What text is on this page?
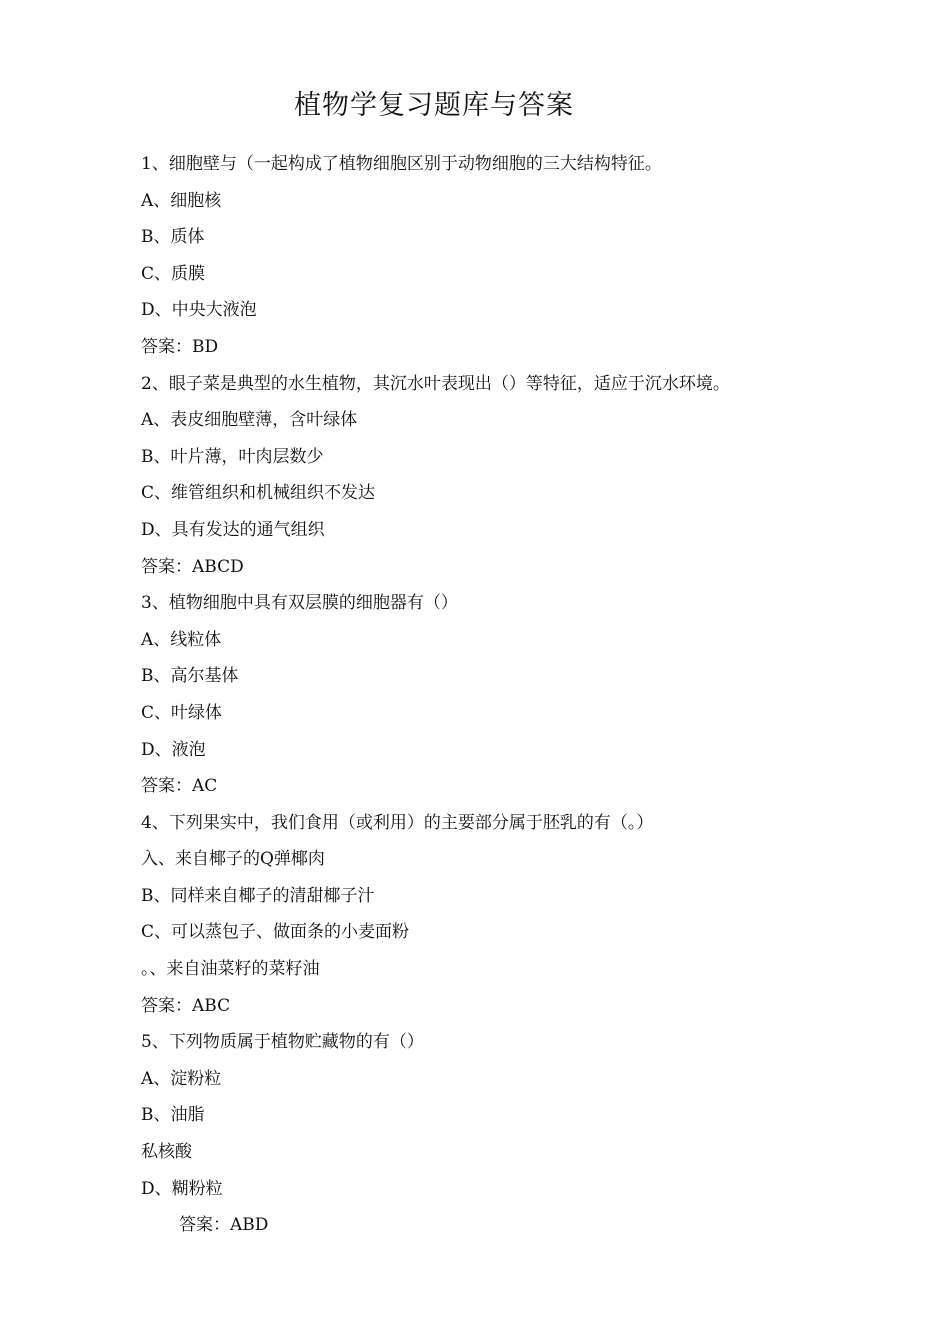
植物学复习题库与答案
1、细胞壁与（一起构成了植物细胞区别于动物细胞的三大结构特征。
A、细胞核
B、质体
C、质膜
D、中央大液泡
答案：BD
2、眼子菜是典型的水生植物，其沉水叶表现出（）等特征，适应于沉水环境。
A、表皮细胞壁薄，含叶绿体
B、叶片薄，叶肉层数少
C、维管组织和机械组织不发达
D、具有发达的通气组织
答案：ABCD
3、植物细胞中具有双层膜的细胞器有（）
A、线粒体
B、高尔基体
C、叶绿体
D、液泡
答案：AC
4、下列果实中，我们食用（或利用）的主要部分属于胚乳的有（。）
入、来自椰子的Q弹椰肉
B、同样来自椰子的清甜椰子汁
C、可以蒸包子、做面条的小麦面粉
。、来自油菜籽的菜籽油
答案：ABC
5、下列物质属于植物贮藏物的有（）
A、淀粉粒
B、油脂
私核酸
D、糊粉粒
答案：ABD
